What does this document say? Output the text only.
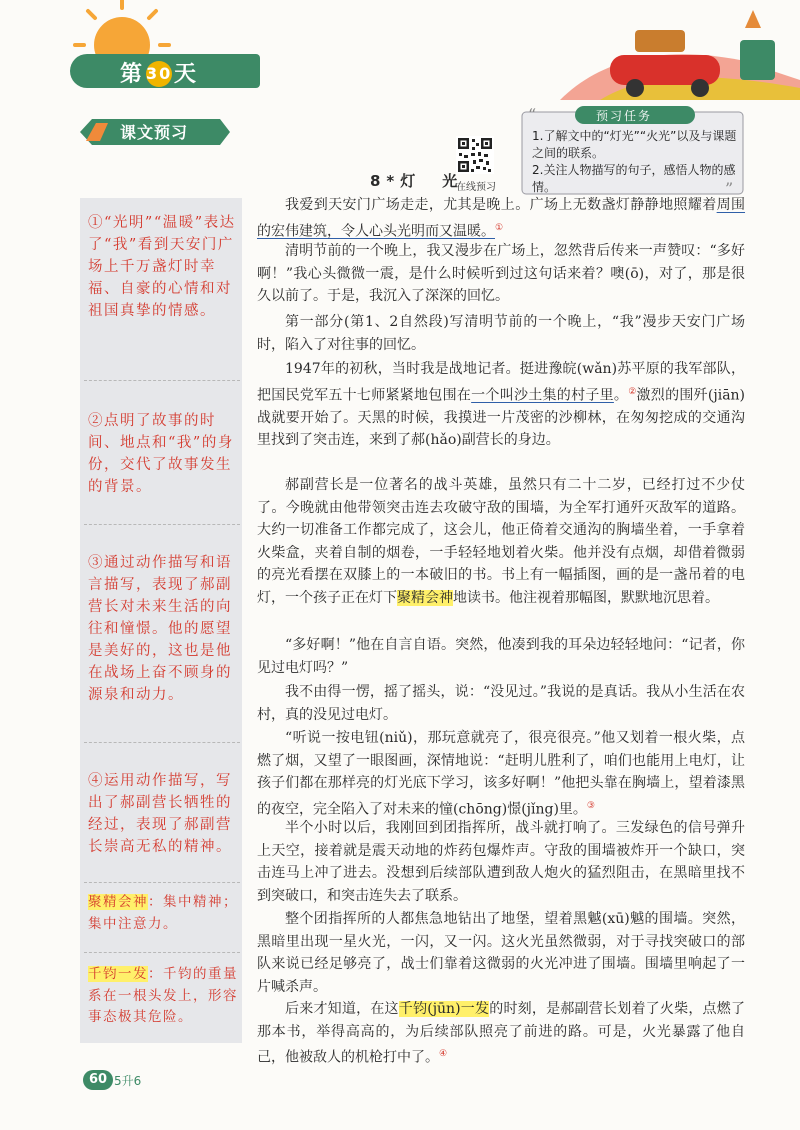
第 30天
课文预习
“
”
预习任务
1.了解文中的“灯光”“火光”以及与课题之间的联系。
2.关注人物描写的句子，感悟人物的感情。
在线预习
8*灯　光
①“光明”“温暖”表达了“我”看到天安门广场上千万盏灯时幸福、自豪的心情和对祖国真挚的情感。
②点明了故事的时间、地点和“我”的身份，交代了故事发生的背景。
③通过动作描写和语言描写，表现了郝副营长对未来生活的向往和憧憬。他的愿望是美好的，这也是他在战场上奋不顾身的源泉和动力。
④运用动作描写，写出了郝副营长牺牲的经过，表现了郝副营长崇高无私的精神。
聚精会神：集中精神；集中注意力。
千钧一发：千钧的重量系在一根头发上，形容事态极其危险。

我爱到天安门广场走走，尤其是晚上。广场上无数盏灯静静地照耀着周围的宏伟建筑，令人心头光明而又温暖。①

清明节前的一个晚上，我又漫步在广场上，忽然背后传来一声赞叹：“多好啊！”我心头微微一震，是什么时候听到过这句话来着？噢(ō)，对了，那是很久以前了。于是，我沉入了深深的回忆。

第一部分(第1、2自然段)写清明节前的一个晚上，“我”漫步天安门广场时，陷入了对往事的回忆。

1947年的初秋，当时我是战地记者。挺进豫皖(wǎn)苏平原的我军部队，把国民党军五十七师紧紧地包围在一个叫沙土集的村子里。②激烈的围歼(jiān)战就要开始了。天黑的时候，我摸进一片茂密的沙柳林，在匆匆挖成的交通沟里找到了突击连，来到了郝(hǎo)副营长的身边。

郝副营长是一位著名的战斗英雄，虽然只有二十二岁，已经打过不少仗了。今晚就由他带领突击连去攻破守敌的围墙，为全军打通歼灭敌军的道路。大约一切准备工作都完成了，这会儿，他正倚着交通沟的胸墙坐着，一手拿着火柴盒，夹着自制的烟卷，一手轻轻地划着火柴。他并没有点烟，却借着微弱的亮光看摆在双膝上的一本破旧的书。书上有一幅插图，画的是一盏吊着的电灯，一个孩子正在灯下聚精会神地读书。他注视着那幅图，默默地沉思着。

“多好啊！”他在自言自语。突然，他凑到我的耳朵边轻轻地问：“记者，你见过电灯吗？”

我不由得一愣，摇了摇头，说：“没见过。”我说的是真话。我从小生活在农村，真的没见过电灯。

“听说一按电钮(niǔ)，那玩意就亮了，很亮很亮。”他又划着一根火柴，点燃了烟，又望了一眼图画，深情地说：“赶明儿胜利了，咱们也能用上电灯，让孩子们都在那样亮的灯光底下学习，该多好啊！”他把头靠在胸墙上，望着漆黑的夜空，完全陷入了对未来的憧(chōng)憬(jǐng)里。③

半个小时以后，我刚回到团指挥所，战斗就打响了。三发绿色的信号弹升上天空，接着就是震天动地的炸药包爆炸声。守敌的围墙被炸开一个缺口，突击连马上冲了进去。没想到后续部队遭到敌人炮火的猛烈阻击，在黑暗里找不到突破口，和突击连失去了联系。

整个团指挥所的人都焦急地钻出了地堡，望着黑魆(xū)魆的围墙。突然，黑暗里出现一星火光，一闪，又一闪。这火光虽然微弱，对于寻找突破口的部队来说已经足够亮了，战士们靠着这微弱的火光冲进了围墙。围墙里响起了一片喊杀声。

后来才知道，在这千钧(jūn)一发的时刻，是郝副营长划着了火柴，点燃了那本书，举得高高的，为后续部队照亮了前进的路。可是，火光暴露了他自己，他被敌人的机枪打中了。④

60 5升6
